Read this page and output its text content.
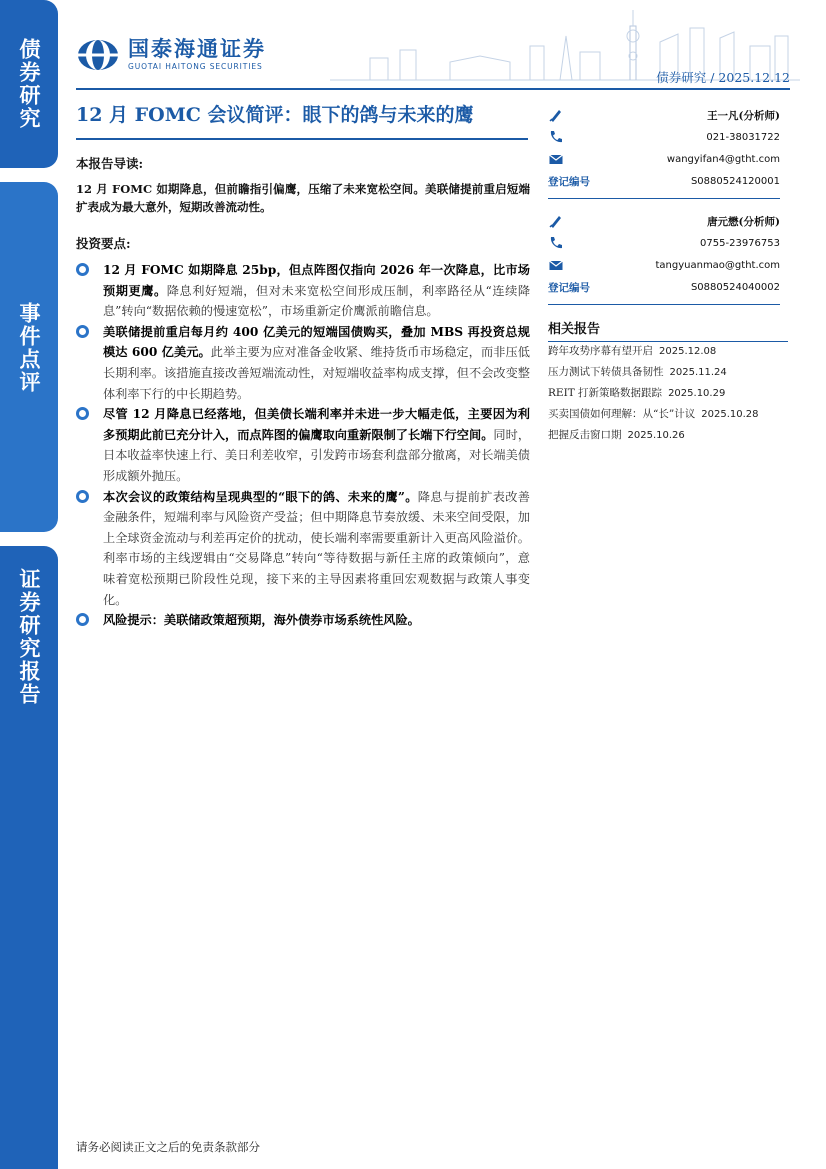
债券研究
事件点评
证券研究报告
国泰海通证券
GUOTAI HAITONG SECURITIES
债券研究 / 2025.12.12
12 月 FOMC 会议简评：眼下的鸽与未来的鹰
本报告导读:
12 月 FOMC 如期降息，但前瞻指引偏鹰，压缩了未来宽松空间。美联储提前重启短端扩表成为最大意外，短期改善流动性。
投资要点:
12 月 FOMC 如期降息 25bp，但点阵图仅指向 2026 年一次降息，比市场预期更鹰。降息利好短端，但对未来宽松空间形成压制，利率路径从“连续降息”转向“数据依赖的慢速宽松”，市场重新定价鹰派前瞻信息。
美联储提前重启每月约 400 亿美元的短端国债购买，叠加 MBS 再投资总规模达 600 亿美元。此举主要为应对准备金收紧、维持货币市场稳定，而非压低长期利率。该措施直接改善短端流动性，对短端收益率构成支撑，但不会改变整体利率下行的中长期趋势。
尽管 12 月降息已经落地，但美债长端利率并未进一步大幅走低，主要因为利多预期此前已充分计入，而点阵图的偏鹰取向重新限制了长端下行空间。同时，日本收益率快速上行、美日利差收窄，引发跨市场套利盘部分撤离，对长端美债形成额外抛压。
本次会议的政策结构呈现典型的“眼下的鸽、未来的鹰”。降息与提前扩表改善金融条件，短端利率与风险资产受益；但中期降息节奏放缓、未来空间受限，加上全球资金流动与利差再定价的扰动，使长端利率需要重新计入更高风险溢价。利率市场的主线逻辑由“交易降息”转向“等待数据与新任主席的政策倾向”，意味着宽松预期已阶段性兑现，接下来的主导因素将重回宏观数据与政策人事变化。
风险提示：美联储政策超预期，海外债券市场系统性风险。
王一凡(分析师)
021-38031722
wangyifan4@gtht.com
登记编号	S0880524120001
唐元懋(分析师)
0755-23976753
tangyuanmao@gtht.com
登记编号	S0880524040002
相关报告
跨年攻势序幕有望开启 2025.12.08
压力测试下转债具备韧性 2025.11.24
REIT 打新策略数据跟踪 2025.10.29
买卖国债如何理解：从“长”计议 2025.10.28
把握反击窗口期 2025.10.26
请务必阅读正文之后的免责条款部分
